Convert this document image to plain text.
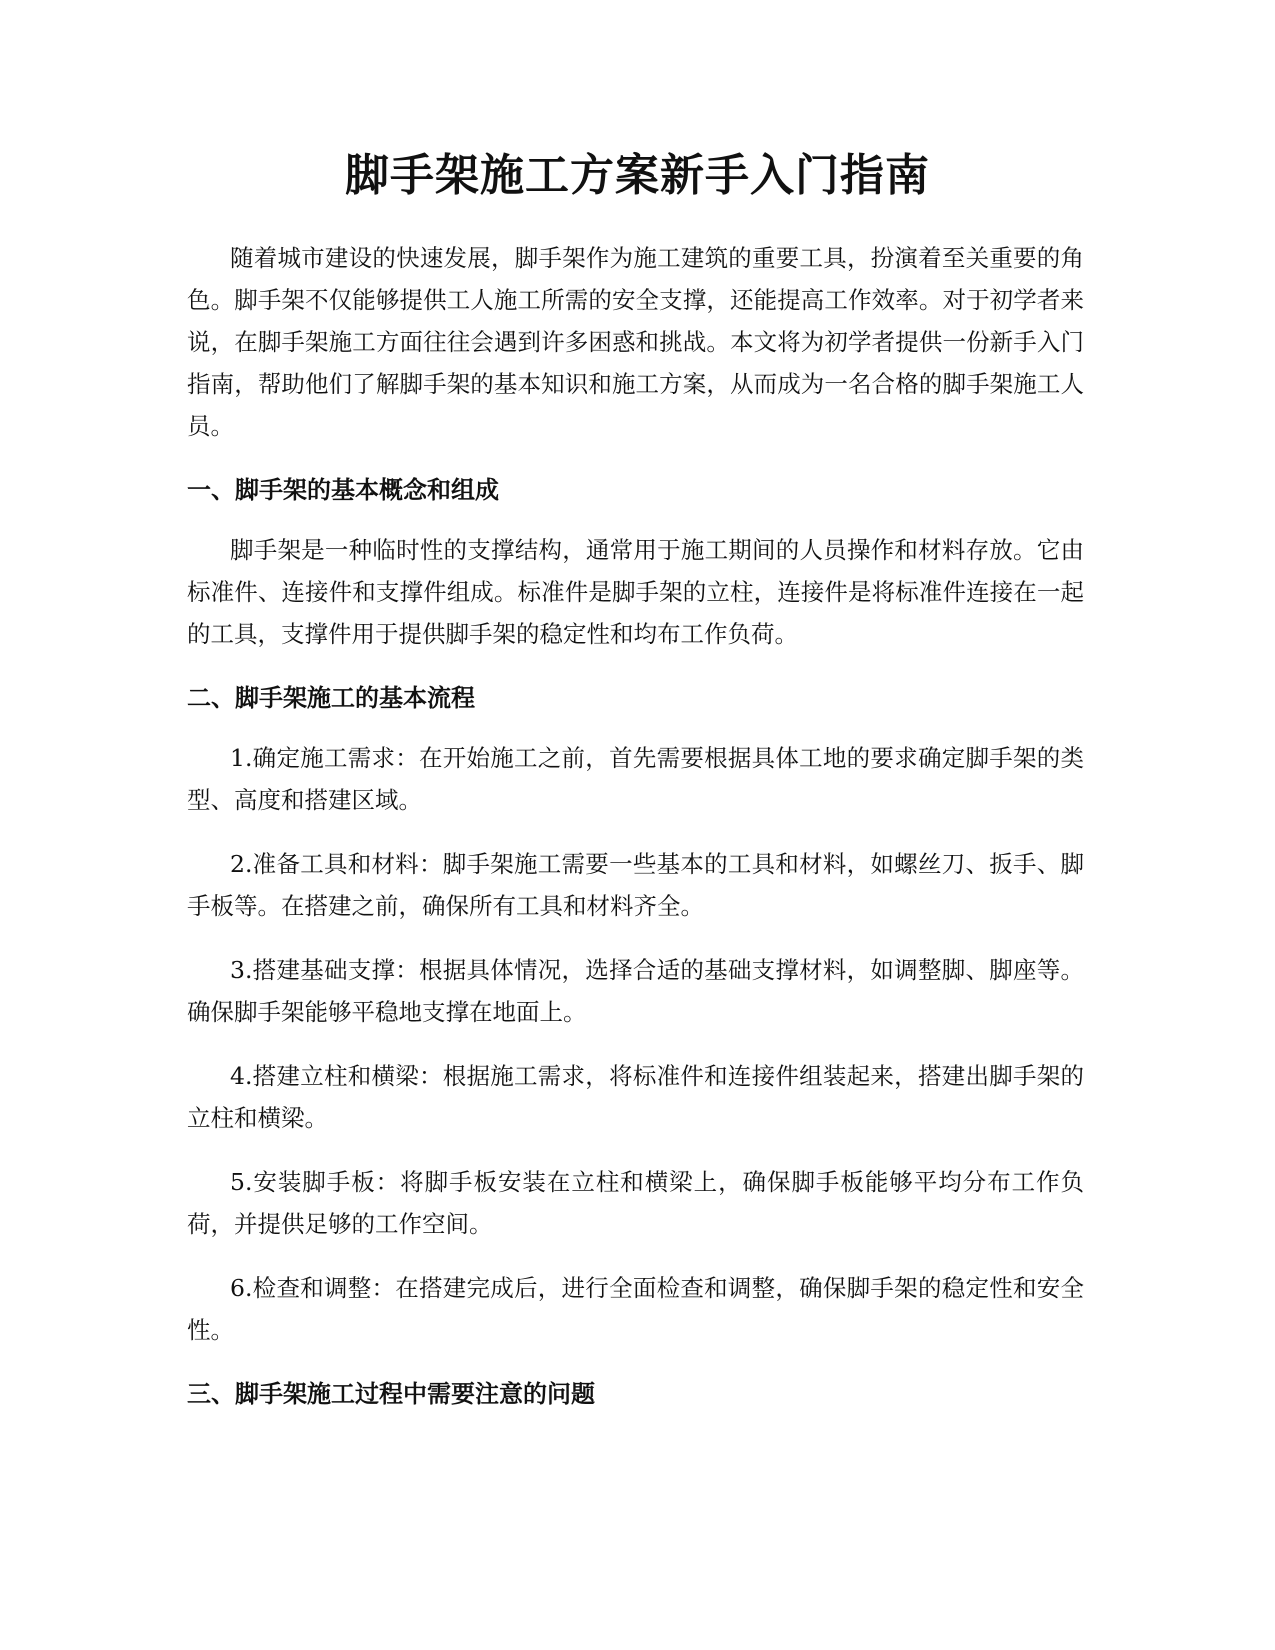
脚手架施工方案新手入门指南

随着城市建设的快速发展，脚手架作为施工建筑的重要工具，扮演着至关重要的角色。脚手架不仅能够提供工人施工所需的安全支撑，还能提高工作效率。对于初学者来说，在脚手架施工方面往往会遇到许多困惑和挑战。本文将为初学者提供一份新手入门指南，帮助他们了解脚手架的基本知识和施工方案，从而成为一名合格的脚手架施工人员。

一、脚手架的基本概念和组成

脚手架是一种临时性的支撑结构，通常用于施工期间的人员操作和材料存放。它由标准件、连接件和支撑件组成。标准件是脚手架的立柱，连接件是将标准件连接在一起的工具，支撑件用于提供脚手架的稳定性和均布工作负荷。

二、脚手架施工的基本流程

1.确定施工需求：在开始施工之前，首先需要根据具体工地的要求确定脚手架的类型、高度和搭建区域。

2.准备工具和材料：脚手架施工需要一些基本的工具和材料，如螺丝刀、扳手、脚手板等。在搭建之前，确保所有工具和材料齐全。

3.搭建基础支撑：根据具体情况，选择合适的基础支撑材料，如调整脚、脚座等。确保脚手架能够平稳地支撑在地面上。

4.搭建立柱和横梁：根据施工需求，将标准件和连接件组装起来，搭建出脚手架的立柱和横梁。

5.安装脚手板：将脚手板安装在立柱和横梁上，确保脚手板能够平均分布工作负荷，并提供足够的工作空间。

6.检查和调整：在搭建完成后，进行全面检查和调整，确保脚手架的稳定性和安全性。

三、脚手架施工过程中需要注意的问题
